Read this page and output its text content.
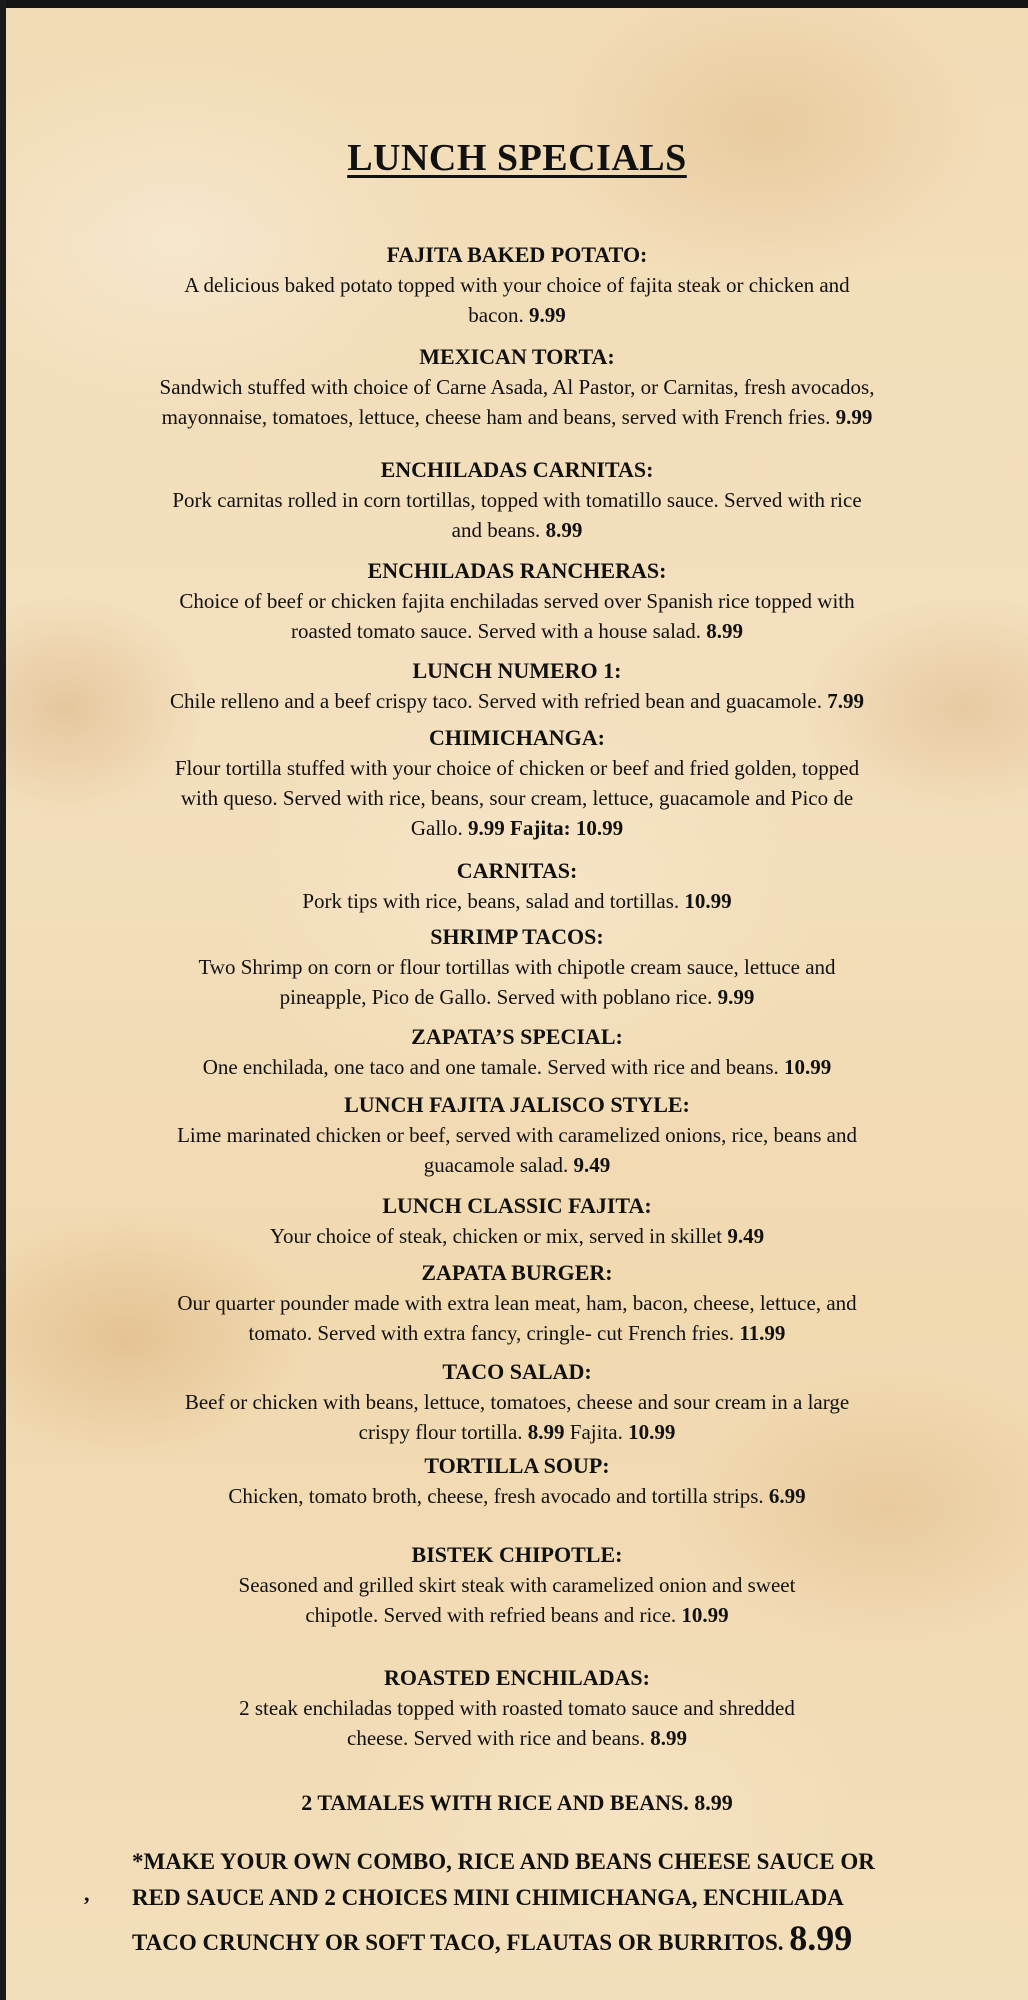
LUNCH SPECIALS
FAJITA BAKED POTATO:
A delicious baked potato topped with your choice of fajita steak or chicken and
bacon. 9.99
MEXICAN TORTA:
Sandwich stuffed with choice of Carne Asada, Al Pastor, or Carnitas, fresh avocados,
mayonnaise, tomatoes, lettuce, cheese ham and beans, served with French fries. 9.99
ENCHILADAS CARNITAS:
Pork carnitas rolled in corn tortillas, topped with tomatillo sauce. Served with rice
and beans. 8.99
ENCHILADAS RANCHERAS:
Choice of beef or chicken fajita enchiladas served over Spanish rice topped with
roasted tomato sauce. Served with a house salad. 8.99
LUNCH NUMERO 1:
Chile relleno and a beef crispy taco. Served with refried bean and guacamole. 7.99
CHIMICHANGA:
Flour tortilla stuffed with your choice of chicken or beef and fried golden, topped
with queso. Served with rice, beans, sour cream, lettuce, guacamole and Pico de
Gallo. 9.99 Fajita: 10.99
CARNITAS:
Pork tips with rice, beans, salad and tortillas. 10.99
SHRIMP TACOS:
Two Shrimp on corn or flour tortillas with chipotle cream sauce, lettuce and
pineapple, Pico de Gallo. Served with poblano rice. 9.99
ZAPATA’S SPECIAL:
One enchilada, one taco and one tamale. Served with rice and beans. 10.99
LUNCH FAJITA JALISCO STYLE:
Lime marinated chicken or beef, served with caramelized onions, rice, beans and
guacamole salad. 9.49
LUNCH CLASSIC FAJITA:
Your choice of steak, chicken or mix, served in skillet 9.49
ZAPATA BURGER:
Our quarter pounder made with extra lean meat, ham, bacon, cheese, lettuce, and
tomato. Served with extra fancy, cringle- cut French fries. 11.99
TACO SALAD:
Beef or chicken with beans, lettuce, tomatoes, cheese and sour cream in a large
crispy flour tortilla. 8.99 Fajita. 10.99
TORTILLA SOUP:
Chicken, tomato broth, cheese, fresh avocado and tortilla strips. 6.99
BISTEK CHIPOTLE:
Seasoned and grilled skirt steak with caramelized onion and sweet
chipotle. Served with refried beans and rice. 10.99
ROASTED ENCHILADAS:
2 steak enchiladas topped with roasted tomato sauce and shredded
cheese. Served with rice and beans. 8.99
2 TAMALES WITH RICE AND BEANS. 8.99
,
*MAKE YOUR OWN COMBO, RICE AND BEANS CHEESE SAUCE OR
RED SAUCE AND 2 CHOICES MINI CHIMICHANGA, ENCHILADA
TACO CRUNCHY OR SOFT TACO, FLAUTAS OR BURRITOS. 8.99
